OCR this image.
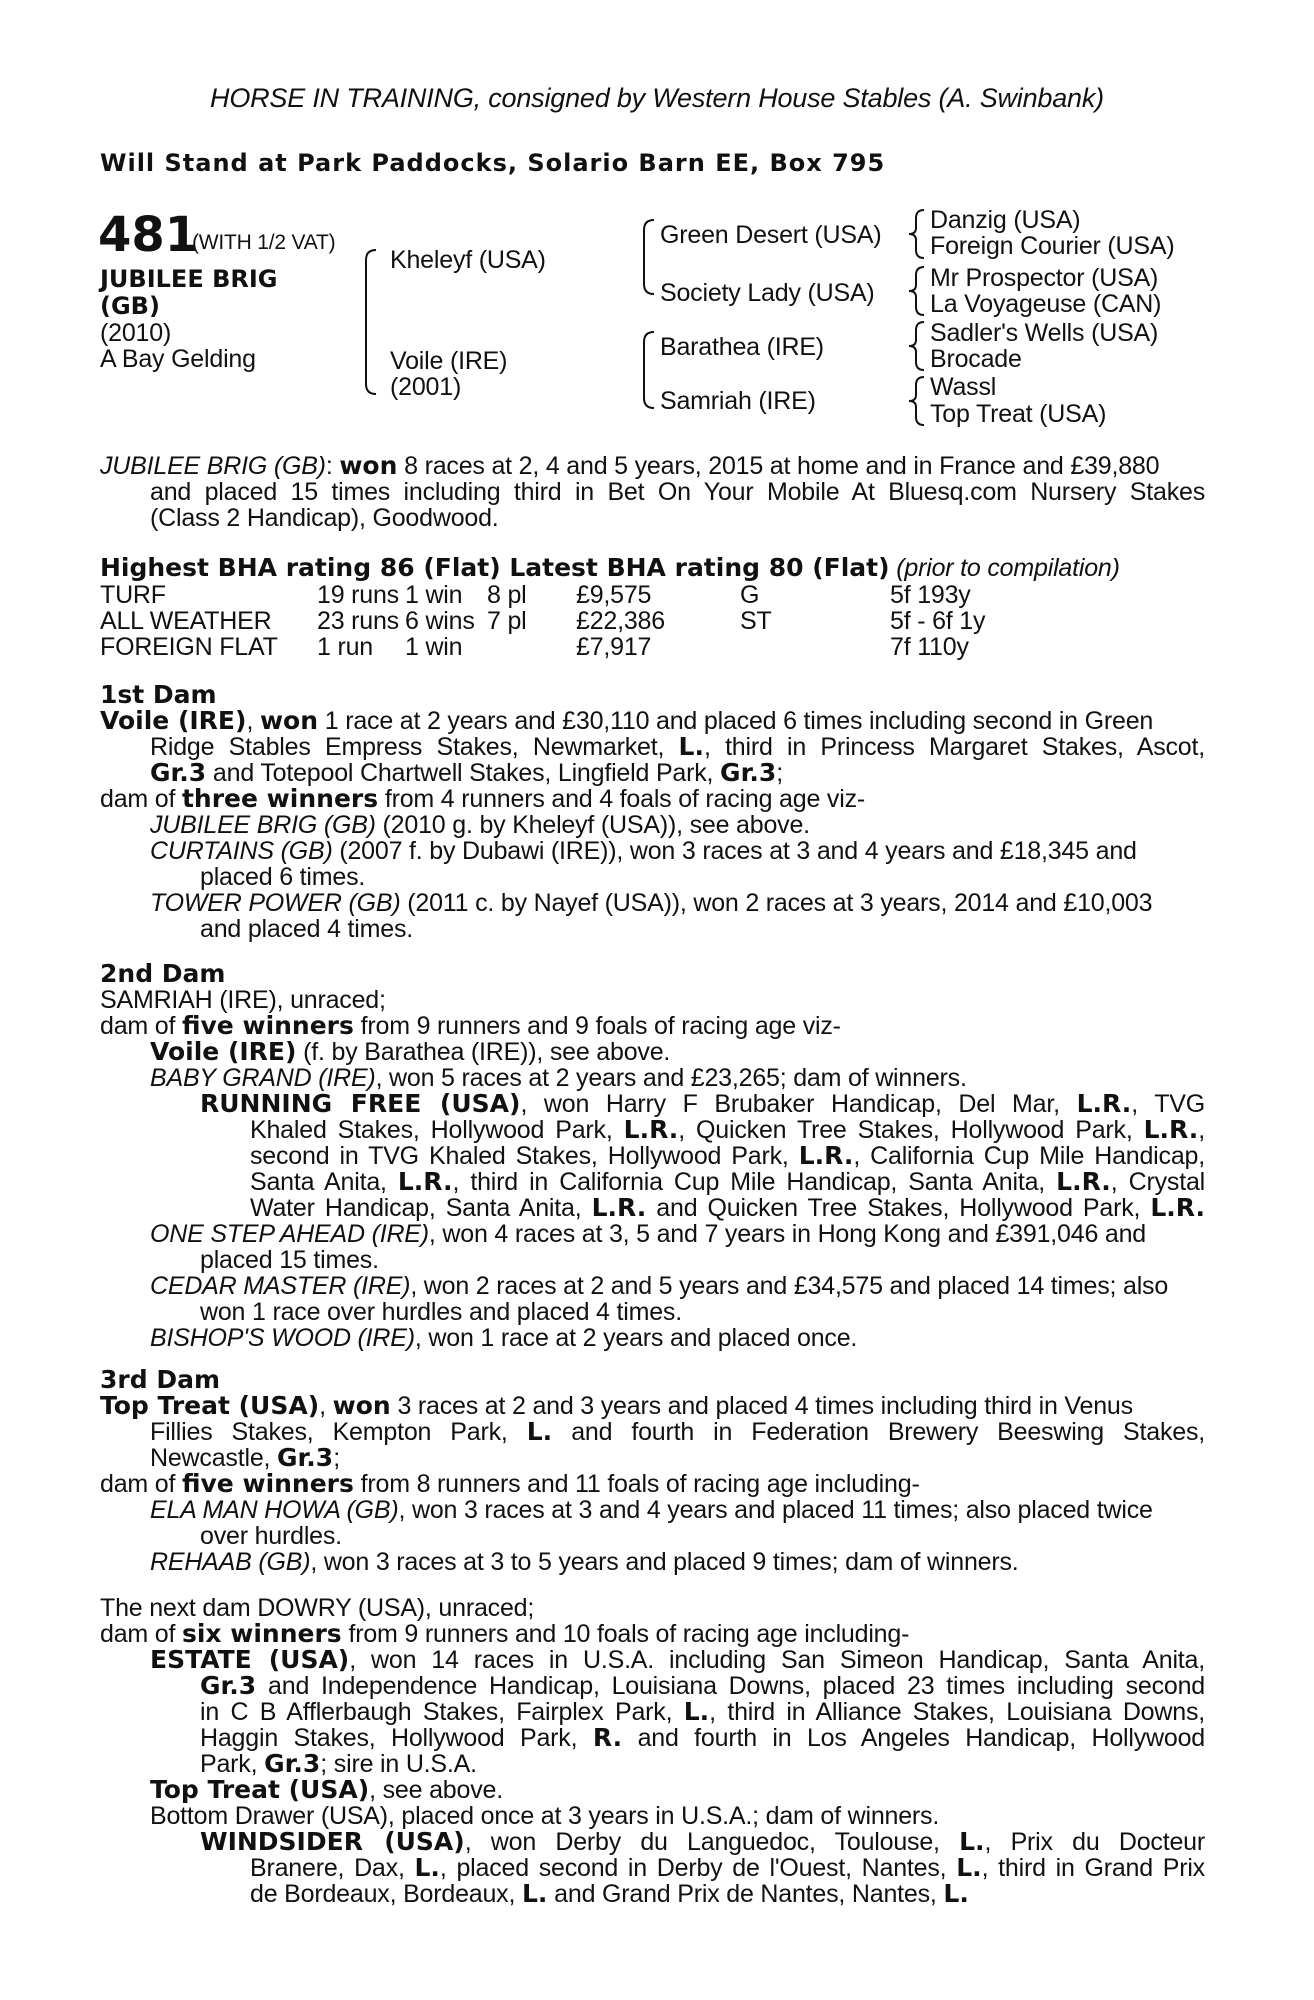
HORSE IN TRAINING, consigned by Western House Stables (A. Swinbank)
Will Stand at Park Paddocks, Solario Barn EE, Box 795
481
(WITH 1/2 VAT)
JUBILEE BRIG
(GB)
(2010)
A Bay Gelding
Kheleyf (USA)
Voile (IRE)
(2001)
Green Desert (USA)
Society Lady (USA)
Barathea (IRE)
Samriah (IRE)
Danzig (USA)
Foreign Courier (USA)
Mr Prospector (USA)
La Voyageuse (CAN)
Sadler's Wells (USA)
Brocade
Wassl
Top Treat (USA)

JUBILEE BRIG (GB): won 8 races at 2, 4 and 5 years, 2015 at home and in France and £39,880

and placed 15 times including third in Bet On Your Mobile At Bluesq.com Nursery Stakes

(Class 2 Handicap), Goodwood.

Highest BHA rating 86 (Flat) Latest BHA rating 80 (Flat) (prior to compilation)
TURF	19 runs 1 win 8 pl £9,575	G	5f 193y
ALL WEATHER 23 runs 6 wins 7 pl £22,386	ST	5f - 6f 1y
FOREIGN FLAT 1 run 1 win	£7,917	7f 110y

1st Dam

Voile (IRE), won 1 race at 2 years and £30,110 and placed 6 times including second in Green

Ridge Stables Empress Stakes, Newmarket, L., third in Princess Margaret Stakes, Ascot,

Gr.3 and Totepool Chartwell Stakes, Lingfield Park, Gr.3;

dam of three winners from 4 runners and 4 foals of racing age viz-

JUBILEE BRIG (GB) (2010 g. by Kheleyf (USA)), see above.

CURTAINS (GB) (2007 f. by Dubawi (IRE)), won 3 races at 3 and 4 years and £18,345 and

placed 6 times.

TOWER POWER (GB) (2011 c. by Nayef (USA)), won 2 races at 3 years, 2014 and £10,003

and placed 4 times.

2nd Dam

SAMRIAH (IRE), unraced;

dam of five winners from 9 runners and 9 foals of racing age viz-

Voile (IRE) (f. by Barathea (IRE)), see above.

BABY GRAND (IRE), won 5 races at 2 years and £23,265; dam of winners.

RUNNING FREE (USA), won Harry F Brubaker Handicap, Del Mar, L.R., TVG

Khaled Stakes, Hollywood Park, L.R., Quicken Tree Stakes, Hollywood Park, L.R.,

second in TVG Khaled Stakes, Hollywood Park, L.R., California Cup Mile Handicap,

Santa Anita, L.R., third in California Cup Mile Handicap, Santa Anita, L.R., Crystal

Water Handicap, Santa Anita, L.R. and Quicken Tree Stakes, Hollywood Park, L.R.

ONE STEP AHEAD (IRE), won 4 races at 3, 5 and 7 years in Hong Kong and £391,046 and

placed 15 times.

CEDAR MASTER (IRE), won 2 races at 2 and 5 years and £34,575 and placed 14 times; also

won 1 race over hurdles and placed 4 times.

BISHOP'S WOOD (IRE), won 1 race at 2 years and placed once.

3rd Dam

Top Treat (USA), won 3 races at 2 and 3 years and placed 4 times including third in Venus

Fillies Stakes, Kempton Park, L. and fourth in Federation Brewery Beeswing Stakes,

Newcastle, Gr.3;

dam of five winners from 8 runners and 11 foals of racing age including-

ELA MAN HOWA (GB), won 3 races at 3 and 4 years and placed 11 times; also placed twice

over hurdles.

REHAAB (GB), won 3 races at 3 to 5 years and placed 9 times; dam of winners.

The next dam DOWRY (USA), unraced;

dam of six winners from 9 runners and 10 foals of racing age including-

ESTATE (USA), won 14 races in U.S.A. including San Simeon Handicap, Santa Anita,

Gr.3 and Independence Handicap, Louisiana Downs, placed 23 times including second

in C B Afflerbaugh Stakes, Fairplex Park, L., third in Alliance Stakes, Louisiana Downs,

Haggin Stakes, Hollywood Park, R. and fourth in Los Angeles Handicap, Hollywood

Park, Gr.3; sire in U.S.A.

Top Treat (USA), see above.

Bottom Drawer (USA), placed once at 3 years in U.S.A.; dam of winners.

WINDSIDER (USA), won Derby du Languedoc, Toulouse, L., Prix du Docteur

Branere, Dax, L., placed second in Derby de l'Ouest, Nantes, L., third in Grand Prix

de Bordeaux, Bordeaux, L. and Grand Prix de Nantes, Nantes, L.
